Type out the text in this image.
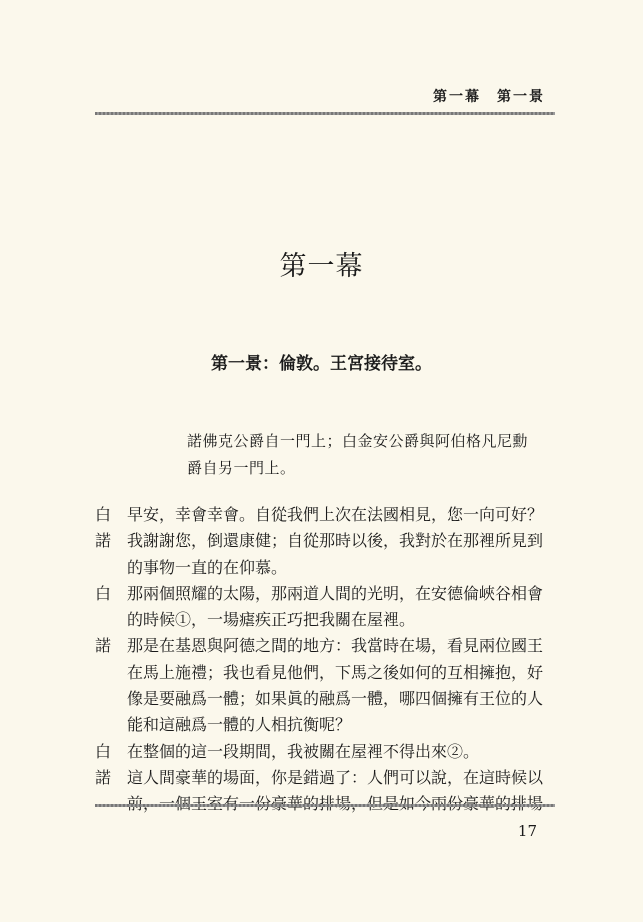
第一幕　第一景
第一幕
第一景：倫敦。王宮接待室。
諾佛克公爵自一門上；白金安公爵與阿伯格凡尼勳
爵自另一門上。
白 早安，幸會幸會。自從我們上次在法國相見，您一向可好？
諾 我謝謝您，倒還康健；自從那時以後，我對於在那裡所見到
的事物一直的在仰慕。
白 那兩個照耀的太陽，那兩道人間的光明，在安德倫峽谷相會
的時候①，一場瘧疾正巧把我關在屋裡。
諾 那是在基恩與阿德之間的地方：我當時在場，看見兩位國王
在馬上施禮；我也看見他們，下馬之後如何的互相擁抱，好
像是要融爲一體；如果眞的融爲一體，哪四個擁有王位的人
能和這融爲一體的人相抗衡呢？
白 在整個的這一段期間，我被關在屋裡不得出來②。
諾 這人間豪華的場面，你是錯過了：人們可以說，在這時候以
17
